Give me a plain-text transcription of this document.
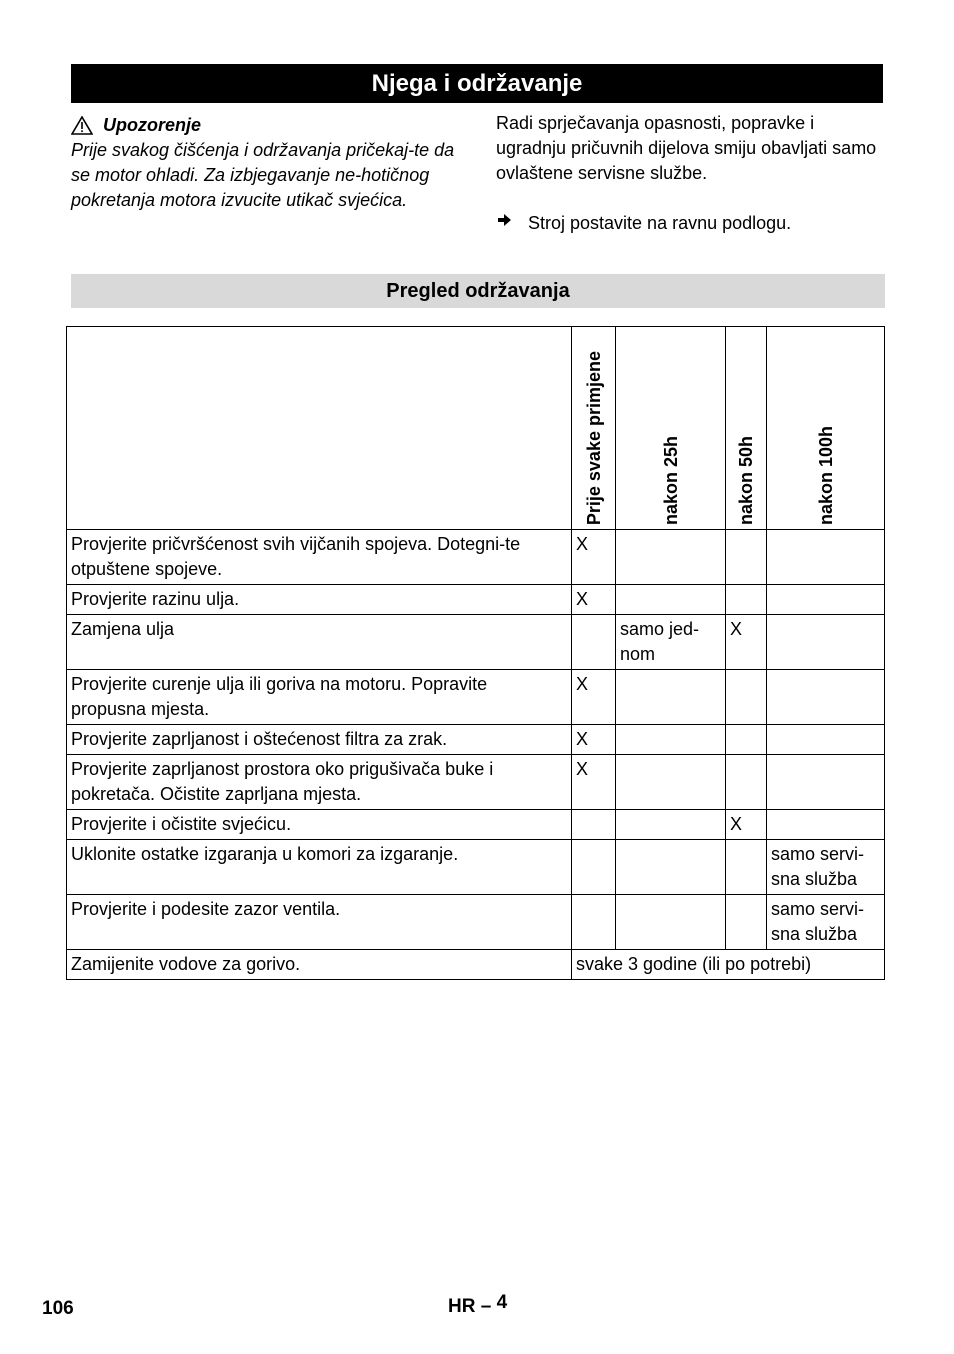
Njega i održavanje
Upozorenje
Prije svakog čišćenja i održavanja pričekaj-te da se motor ohladi. Za izbjegavanje ne-hotičnog pokretanja motora izvucite utikač svjećica.
Radi sprječavanja opasnosti, popravke i ugradnju pričuvnih dijelova smiju obavljati samo ovlaštene servisne službe.
Stroj postavite na ravnu podlogu.
Pregled održavanja

	Prije svake primjene	nakon 25h	nakon 50h	nakon 100h

Provjerite pričvršćenost svih vijčanih spojeva. Dotegni-te otpuštene spojeve.	X			
Provjerite razinu ulja.	X			
Zamjena ulja		samo jed-nom	X	
Provjerite curenje ulja ili goriva na motoru. Popravite propusna mjesta.	X			
Provjerite zaprljanost i oštećenost filtra za zrak.	X			
Provjerite zaprljanost prostora oko prigušivača buke i pokretača. Očistite zaprljana mjesta.	X			
Provjerite i očistite svjećicu.			X	
Uklonite ostatke izgaranja u komori za izgaranje.				samo servi-sna služba
Provjerite i podesite zazor ventila.				samo servi-sna služba
Zamijenite vodove za gorivo.	svake 3 godine (ili po potrebi)			
106	HR – 4
